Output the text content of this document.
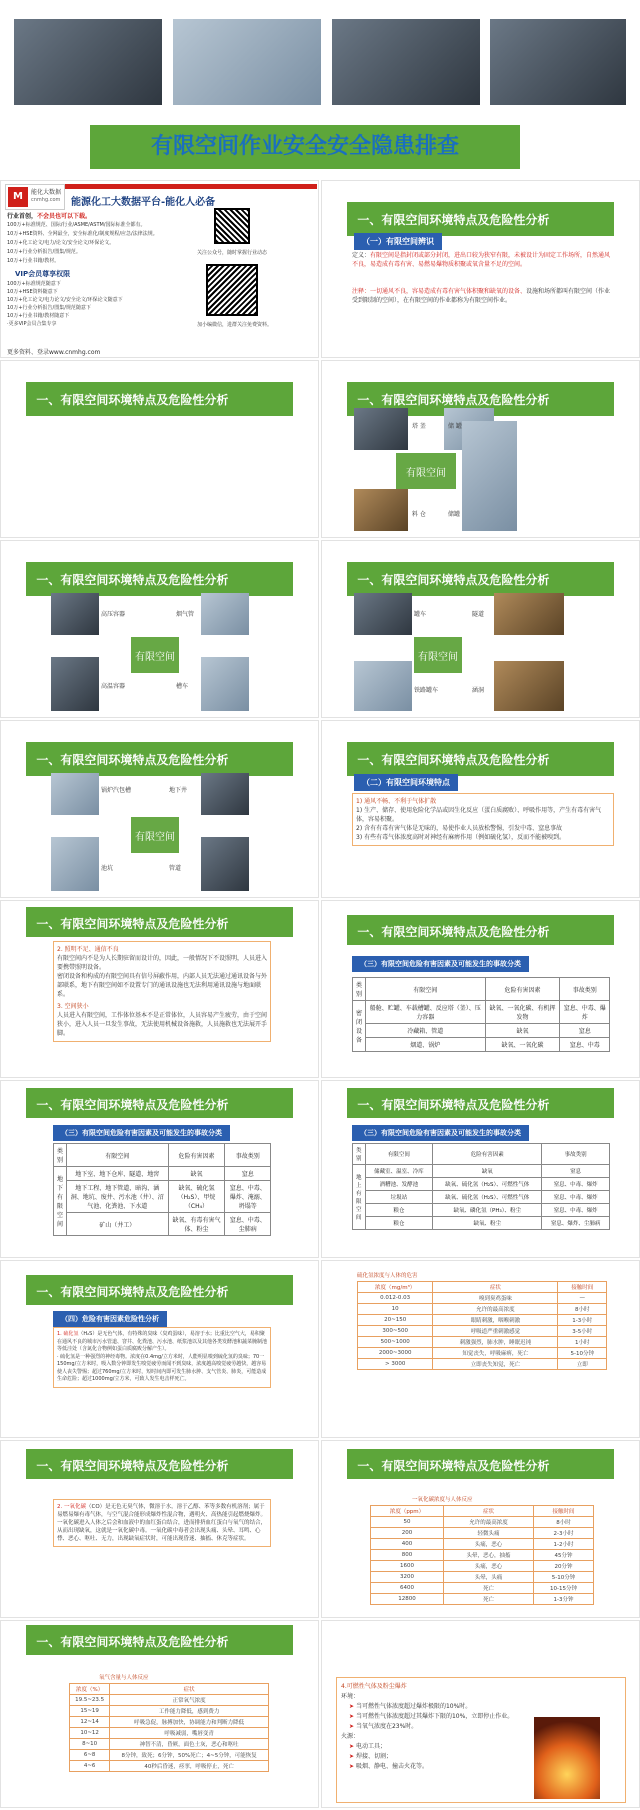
有限空间作业安全安全隐患排查
M	能化大数据
cnmhg.com 能源化工大数据平台-能化人必备
行业首创，不会员也可以下载。
100万+标准规范、国际/行业/ASME/ASTM/国际标准全都有。
10万+HSE资料、全网最全，安全标准化/制度规程/应急/法律法规。
10万+化工论文/电力/论文/安全论文/环保论文。
10万+行业分析报告/图集/规范。
10万+行业书籍/教材。
VIP会员尊享权限
100万+标准规范随意下
10万+HSE资料随意下
10万+化工论文/电力论文/安全论文/环保论文随意下
10万+行业分析报告/图集/规范随意下
10万+行业书籍/教材随意下
·更多VIP会员合集专享
更多资料、登录www.cnmhg.com
关注公众号，随时掌握行业动态
加小编微信，进群关注免费资料。
一、有限空间环境特点及危险性分析
（一）有限空间辨识
定义：有限空间是指封闭或部分封闭，进出口较为狭窄有限，未被设计为固定工作场所，自然通风不良，易造成有毒有害、易燃易爆物质积聚或氧含量不足的空间。
注释：一切通风不良，容易造成有毒有害气体积聚和缺氧的设备、设施和场所都叫有限空间（作业受到限制的空间），在有限空间的作业都称为有限空间作业。
一、有限空间环境特点及危险性分析	一、有限空间环境特点及危险性分析
塔 釜	储 罐
有限空间
料 仓	储罐
一、有限空间环境特点及危险性分析
高压容器	烟气管
有限空间
高温容器	槽车
一、有限空间环境特点及危险性分析
罐车	隧道
有限空间
铁路罐车	涵洞
一、有限空间环境特点及危险性分析
锅炉汽包槽	地下井
有限空间
池坑	管道
一、有限空间环境特点及危险性分析
（二）有限空间环境特点
1) 通风不畅、不利于气体扩散
1) 生产、储存、使用危险化学品或因生化反应（蛋白质腐败）、呼吸作用等，产生有毒有害气体，容易积聚。
2) 含有有毒有害气体是无味的，易使作业人员放松警惕，引发中毒、窒息事故
3) 有些有毒气体浓度高时对神经有麻痹作用（例如硫化氢），反而不能被嗅到。
一、有限空间环境特点及危险性分析
2. 照明不足、通信不良
有限空间内不是为人长期驻留而设计的，因此，一般情况下不设照明，人员进入要携带照明设备。
密闭设备和构成的有限空间具有信号屏蔽作用，内部人员无法通过通讯设备与外部联系，地下有限空间如不设置专门的通讯设施也无法利用通讯设施与地面联系。
3. 空间狭小
人员进入有限空间，工作体位基本不是正常体位，人员容易产生疲劳，由于空间狭小，进入人员一旦发生事故，无法使用机械设备施救，人员施救也无法展开手脚。
一、有限空间环境特点及危险性分析
（三）有限空间危险有害因素及可能发生的事故分类
类别	有限空间	危险有害因素	事故类别
密闭设备	船舱、贮罐、车载槽罐、反应塔（釜）、压力容器	缺氧、一氧化碳、有机挥发物	窒息、中毒、爆炸
	冷藏箱、管道	缺氧	窒息
	烟道、锅炉	缺氧、一氧化碳	窒息、中毒
一、有限空间环境特点及危险性分析
（三）有限空间危险有害因素及可能发生的事故分类
类别	有限空间	危险有害因素	事故类别
地下有限空间	地下室、地下仓库、隧道、地窖	缺氧	窒息
	地下工程、地下管道、暗沟、涵洞、地坑、废井、污水池（井）、沼气池、化粪池、下水道	缺氧、硫化氢（H₂S）、甲烷（CH₄）	窒息、中毒、爆炸、淹溺、坍塌等
	矿山（井工）	缺氧、有毒有害气体、粉尘	窒息、中毒、尘肺病
一、有限空间环境特点及危险性分析
（三）有限空间危险有害因素及可能发生的事故分类
类别	有限空间	危险有害因素	事故类别
地上有限空间	储藏室、温室、冷库	缺氧	窒息
	酒糟池、发酵池	缺氧、硫化氢（H₂S）、可燃性气体	窒息、中毒、爆炸
	垃圾站	缺氧、硫化氢（H₂S）、可燃性气体	窒息、中毒、爆炸
	粮仓	缺氧、磷化氢（PH₃）、粉尘	窒息、中毒、爆炸
	粮仓	缺氧、粉尘	窒息、爆炸、尘肺病
一、有限空间环境特点及危险性分析
（四）危险有害因素危险性分析
1. 硫化氢（H₂S）是无色气体，有特殊的臭味（臭鸡蛋味），易溶于水；比重比空气大，易积聚在通风不良的城市污水管道、窨井、化粪池、污水池、纸浆池以及其他各类发酵池和蔬菜腌制池等低洼处（含氮化合物例如蛋白质腐败分解产生）。
· 硫化氢是一种强烈的神经毒物。浓度在0.4mg/立方米时，人能明显嗅到硫化氢的臭味；70一150mg/立方米时，吸入数分钟即发生嗅觉疲劳而闻不到臭味，浓度越高嗅觉疲劳越快，越容易使人丧失警惕；超过760mg/立方米时，短时间内即可发生肺水肿、支气管炎、肺炎，可能造成生命危险；超过1000mg/立方米，可致人发生电击样死亡。
硫化氢浓度与人体的危害
浓度（mg/m³）	症状	接触时间
0.012-0.03	嗅到臭鸡蛋味	—
10	允许的最高浓度	8小时
20~150	眼睛刺激，咽喉刺激	1-3小时
300~500	呼吸道严重刺激感觉	3-5小时
500~1000	刺激强烈，肺水肿，睡眠迟钝	1小时
2000~3000	知觉丧失，呼吸麻痹，死亡	5-10分钟
> 3000	立即丧失知觉，死亡	立即
一、有限空间环境特点及危险性分析
2. 一氧化碳（CO）是无色无臭气体，微溶于水，溶于乙醇、苯等多数有机溶剂；属于易燃易爆有毒气体，与空气混合能形成爆炸性混合物，遇明火、高热能引起燃烧爆炸。一氧化碳进入人体之后会和血液中的血红蛋白结合，进而排挤血红蛋白与氧气的结合，从而出现缺氧，这就是一氧化碳中毒。一氧化碳中毒者会出现头痛、头晕、耳鸣、心悸、恶心、呕吐、无力，出现缺氧症状时，可能出现昏迷、抽搐、休克等症状。
一、有限空间环境特点及危险性分析
一氧化碳浓度与人体反应
浓度（ppm）	症状	接触时间
50	允许的最高浓度	8小时
200	轻微头痛	2-3小时
400	头痛，恶心	1-2小时
800	头晕，恶心，抽搐	45分钟
1600	头痛，恶心	20分钟
3200	头晕，头痛	5-10分钟
6400	死亡	10-15分钟
12800	死亡	1-3分钟
一、有限空间环境特点及危险性分析
氧气含量与人体反应
浓度（%）	症状
19.5~23.5	正常氧气浓度
15~19	工作能力降低，感到费力
12~14	呼吸急促，脉搏加快，协调能力和判断力降低
10~12	呼吸减弱，嘴唇变青
8~10	神智不清，昏厥，面色土灰，恶心和呕吐
6~8	8分钟，致死；6分钟，50%死亡；4~5分钟，可能恢复
4~6	40秒后昏迷，痉挛，呼吸停止，死亡
4.可燃性气体及粉尘爆炸
环境：
➤ 当可燃性气体浓度超过爆炸极限的10%时。
➤ 当可燃性气体浓度超过其爆炸下限的10%，立即停止作业。
➤ 当氧气浓度在23%时。
火源：
➤ 电动工具；
➤ 焊接、切割；
➤ 吸烟、静电、撞击火花等。
